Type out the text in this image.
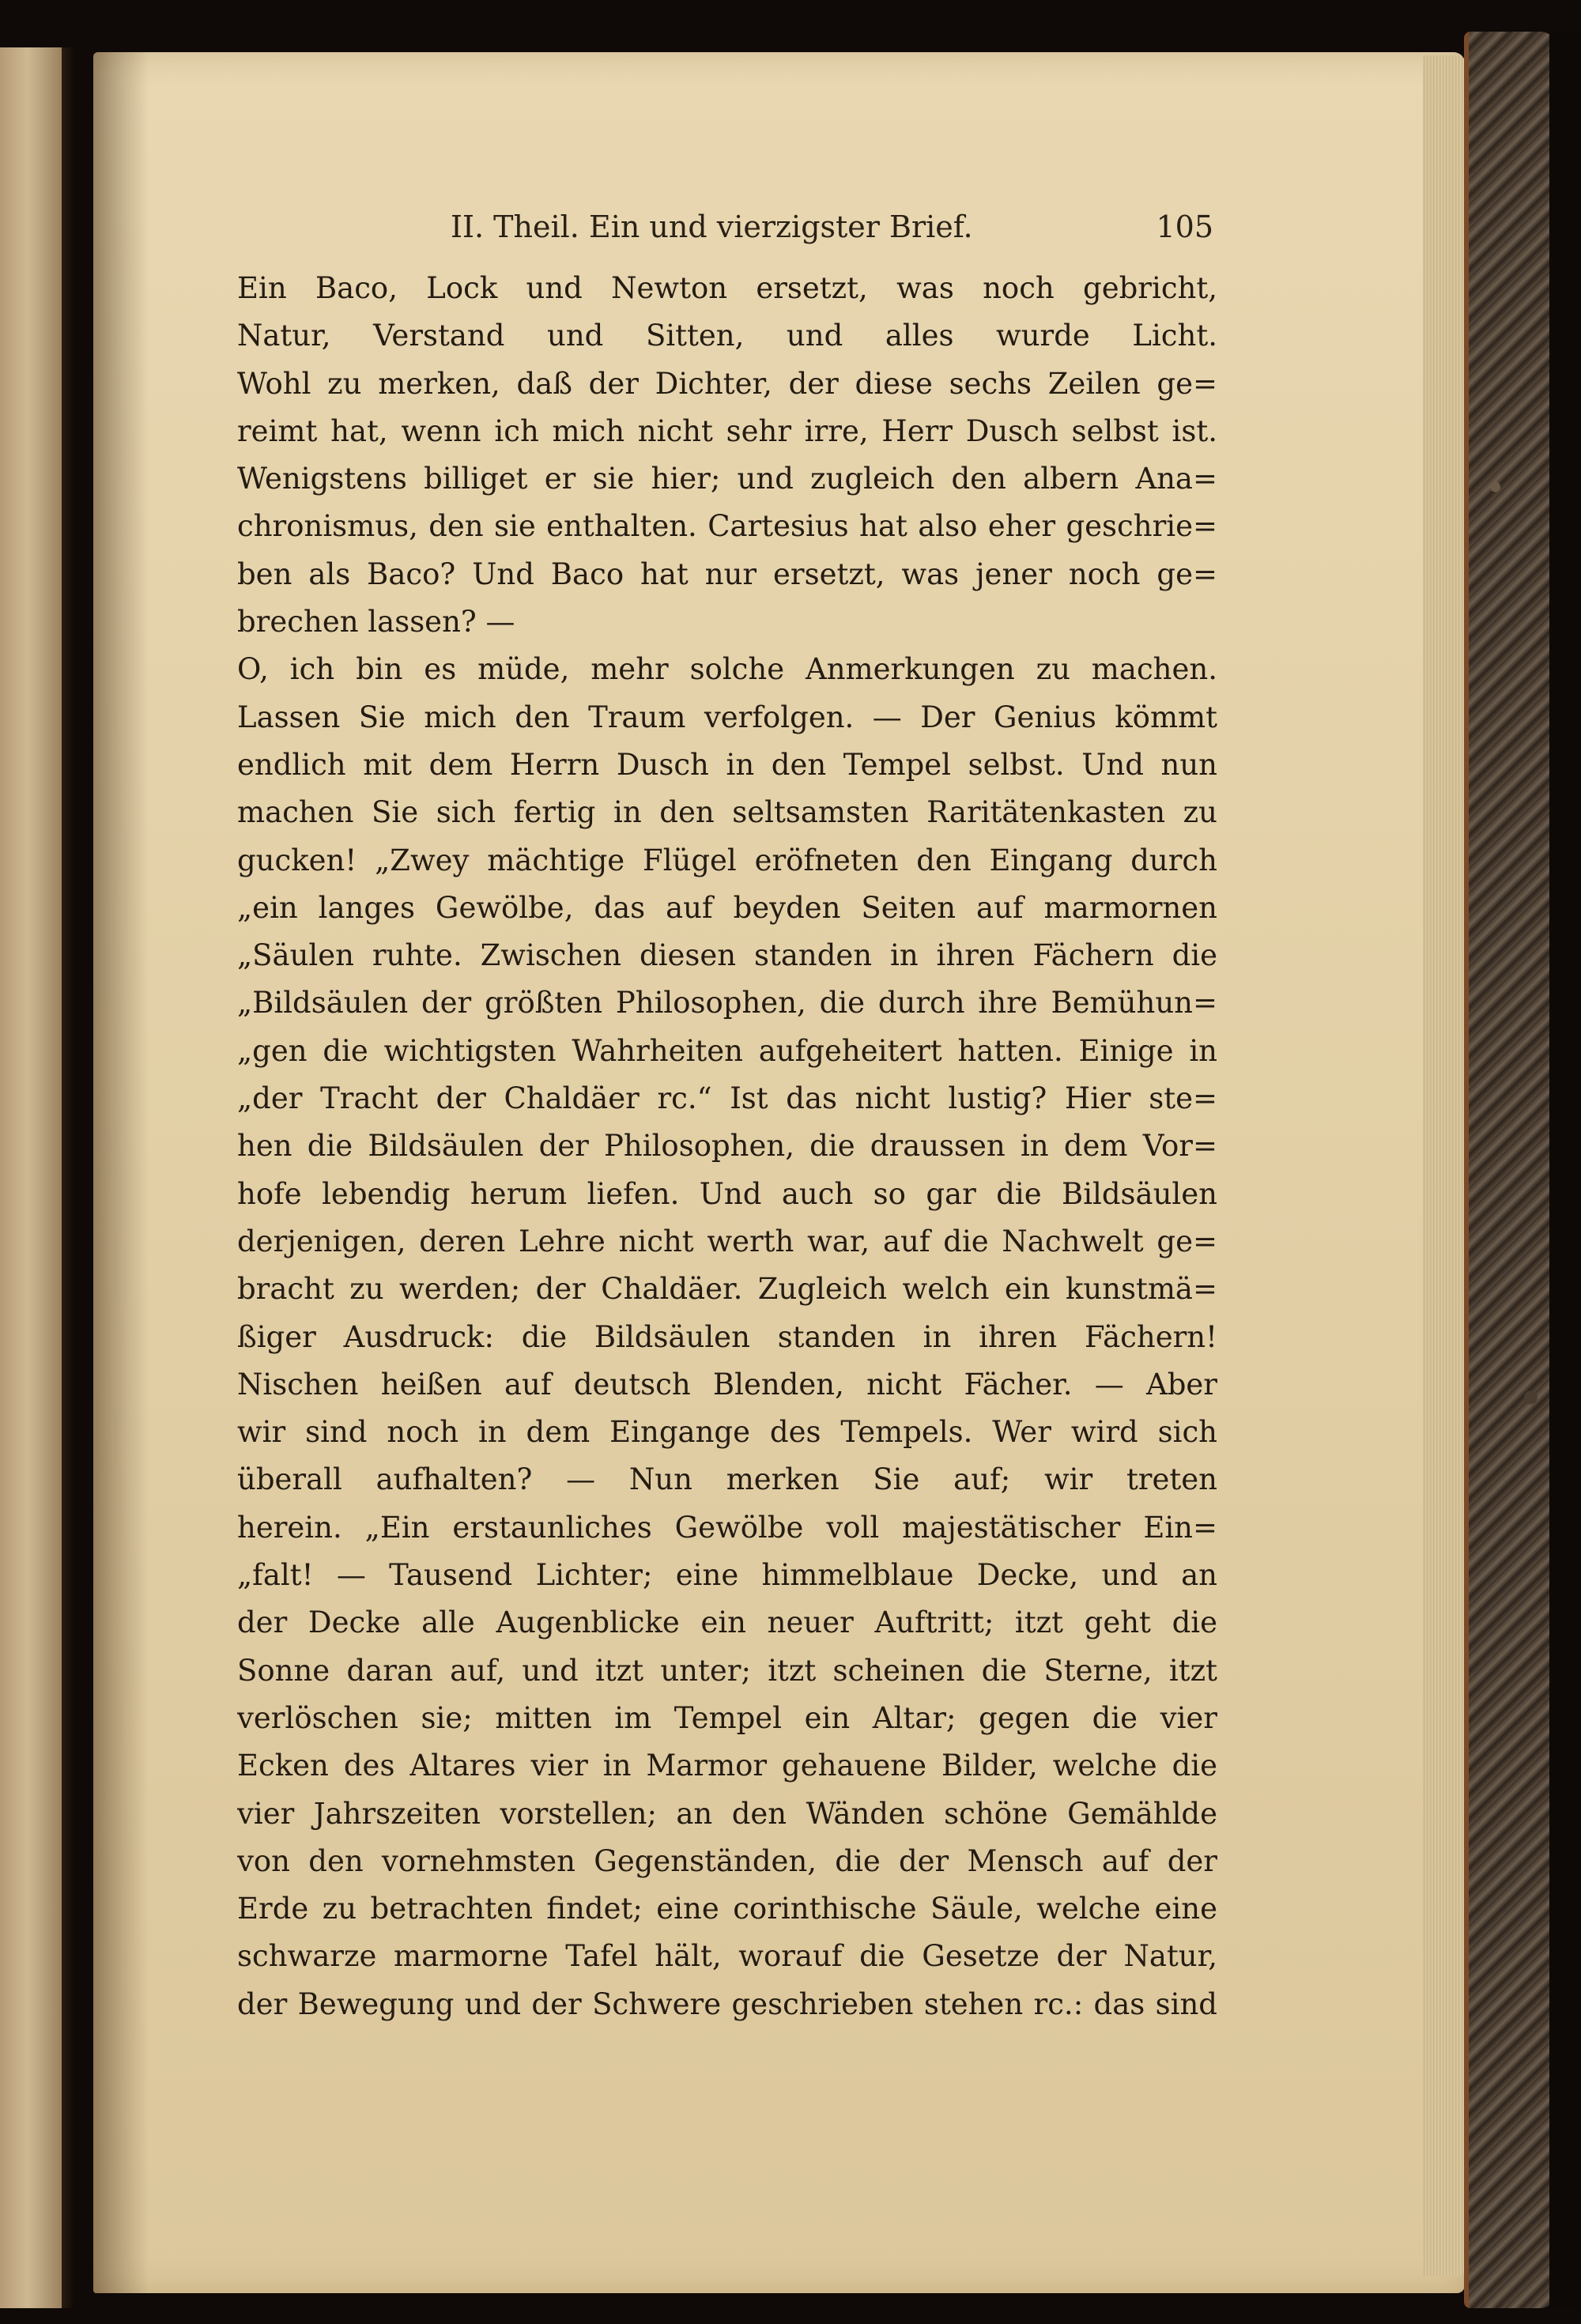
II. Theil. Ein und vierzigster Brief.	105
Ein Baco, Lock und Newton ersetzt, was noch gebricht,
Natur, Verstand und Sitten, und alles wurde Licht.
Wohl zu merken, daß der Dichter, der diese sechs Zeilen ge=
reimt hat, wenn ich mich nicht sehr irre, Herr Dusch selbst ist.
Wenigstens billiget er sie hier; und zugleich den albern Ana=
chronismus, den sie enthalten. Cartesius hat also eher geschrie=
ben als Baco? Und Baco hat nur ersetzt, was jener noch ge=
brechen lassen? —
O, ich bin es müde, mehr solche Anmerkungen zu machen.
Lassen Sie mich den Traum verfolgen. — Der Genius kömmt
endlich mit dem Herrn Dusch in den Tempel selbst. Und nun
machen Sie sich fertig in den seltsamsten Raritätenkasten zu
gucken! „Zwey mächtige Flügel eröfneten den Eingang durch
„ein langes Gewölbe, das auf beyden Seiten auf marmornen
„Säulen ruhte. Zwischen diesen standen in ihren Fächern die
„Bildsäulen der größten Philosophen, die durch ihre Bemühun=
„gen die wichtigsten Wahrheiten aufgeheitert hatten. Einige in
„der Tracht der Chaldäer rc.“ Ist das nicht lustig? Hier ste=
hen die Bildsäulen der Philosophen, die draussen in dem Vor=
hofe lebendig herum liefen. Und auch so gar die Bildsäulen
derjenigen, deren Lehre nicht werth war, auf die Nachwelt ge=
bracht zu werden; der Chaldäer. Zugleich welch ein kunstmä=
ßiger Ausdruck: die Bildsäulen standen in ihren Fächern!
Nischen heißen auf deutsch Blenden, nicht Fächer. — Aber
wir sind noch in dem Eingange des Tempels. Wer wird sich
überall aufhalten? — Nun merken Sie auf; wir treten
herein. „Ein erstaunliches Gewölbe voll majestätischer Ein=
„falt! — Tausend Lichter; eine himmelblaue Decke, und an
der Decke alle Augenblicke ein neuer Auftritt; itzt geht die
Sonne daran auf, und itzt unter; itzt scheinen die Sterne, itzt
verlöschen sie; mitten im Tempel ein Altar; gegen die vier
Ecken des Altares vier in Marmor gehauene Bilder, welche die
vier Jahrszeiten vorstellen; an den Wänden schöne Gemählde
von den vornehmsten Gegenständen, die der Mensch auf der
Erde zu betrachten findet; eine corinthische Säule, welche eine
schwarze marmorne Tafel hält, worauf die Gesetze der Natur,
der Bewegung und der Schwere geschrieben stehen rc.: das sind
